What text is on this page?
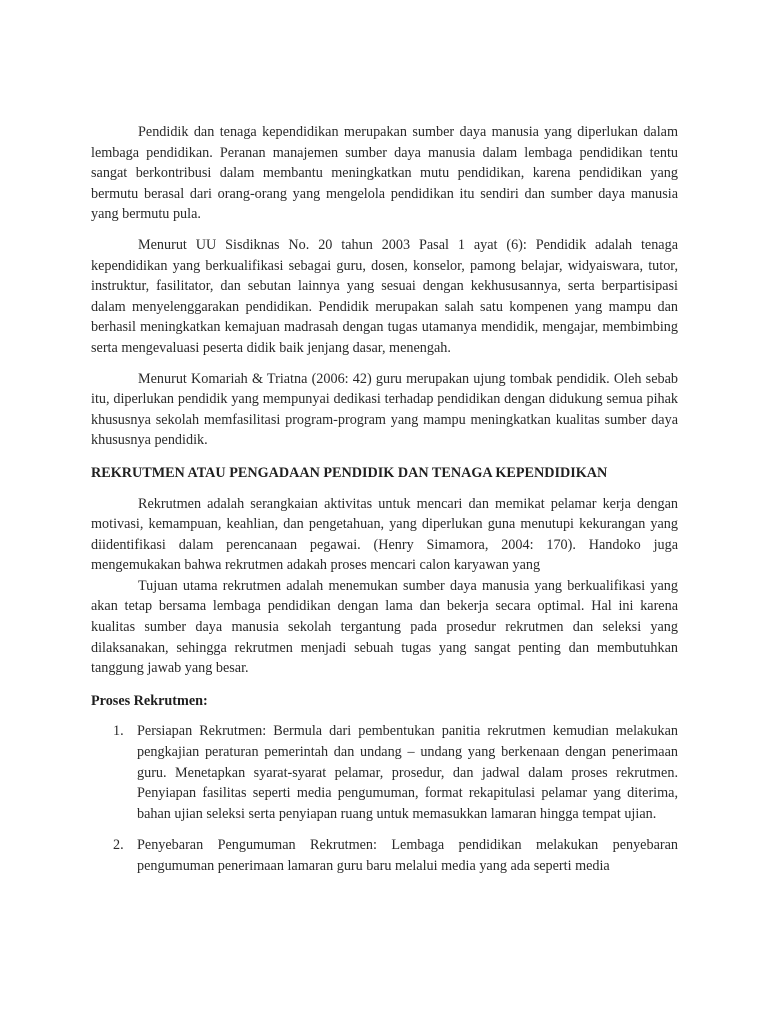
Pendidik dan tenaga kependidikan merupakan sumber daya manusia yang diperlukan dalam lembaga pendidikan. Peranan manajemen sumber daya manusia dalam lembaga pendidikan tentu sangat berkontribusi dalam membantu meningkatkan mutu pendidikan, karena pendidikan yang bermutu berasal dari orang-orang yang mengelola pendidikan itu sendiri dan sumber daya manusia yang bermutu pula.

Menurut UU Sisdiknas No. 20 tahun 2003 Pasal 1 ayat (6): Pendidik adalah tenaga kependidikan yang berkualifikasi sebagai guru, dosen, konselor, pamong belajar, widyaiswara, tutor, instruktur, fasilitator, dan sebutan lainnya yang sesuai dengan kekhususannya, serta berpartisipasi dalam menyelenggarakan pendidikan. Pendidik merupakan salah satu kompenen yang mampu dan berhasil meningkatkan kemajuan madrasah dengan tugas utamanya mendidik, mengajar, membimbing serta mengevaluasi peserta didik baik jenjang dasar, menengah.

Menurut Komariah & Triatna (2006: 42) guru merupakan ujung tombak pendidik. Oleh sebab itu, diperlukan pendidik yang mempunyai dedikasi terhadap pendidikan dengan didukung semua pihak khususnya sekolah memfasilitasi program-program yang mampu meningkatkan kualitas sumber daya khususnya pendidik.

REKRUTMEN ATAU PENGADAAN PENDIDIK DAN TENAGA KEPENDIDIKAN

Rekrutmen adalah serangkaian aktivitas untuk mencari dan memikat pelamar kerja dengan motivasi, kemampuan, keahlian, dan pengetahuan, yang diperlukan guna menutupi kekurangan yang diidentifikasi dalam perencanaan pegawai. (Henry Simamora, 2004: 170). Handoko juga mengemukakan bahwa rekrutmen adakah proses mencari calon karyawan yang

Tujuan utama rekrutmen adalah menemukan sumber daya manusia yang berkualifikasi yang akan tetap bersama lembaga pendidikan dengan lama dan bekerja secara optimal. Hal ini karena kualitas sumber daya manusia sekolah tergantung pada prosedur rekrutmen dan seleksi yang dilaksanakan, sehingga rekrutmen menjadi sebuah tugas yang sangat penting dan membutuhkan tanggung jawab yang besar.

Proses Rekrutmen:
1. Persiapan Rekrutmen: Bermula dari pembentukan panitia rekrutmen kemudian melakukan pengkajian peraturan pemerintah dan undang – undang yang berkenaan dengan penerimaan guru. Menetapkan syarat-syarat pelamar, prosedur, dan jadwal dalam proses rekrutmen. Penyiapan fasilitas seperti media pengumuman, format rekapitulasi pelamar yang diterima, bahan ujian seleksi serta penyiapan ruang untuk memasukkan lamaran hingga tempat ujian.
2. Penyebaran Pengumuman Rekrutmen: Lembaga pendidikan melakukan penyebaran pengumuman penerimaan lamaran guru baru melalui media yang ada seperti media
